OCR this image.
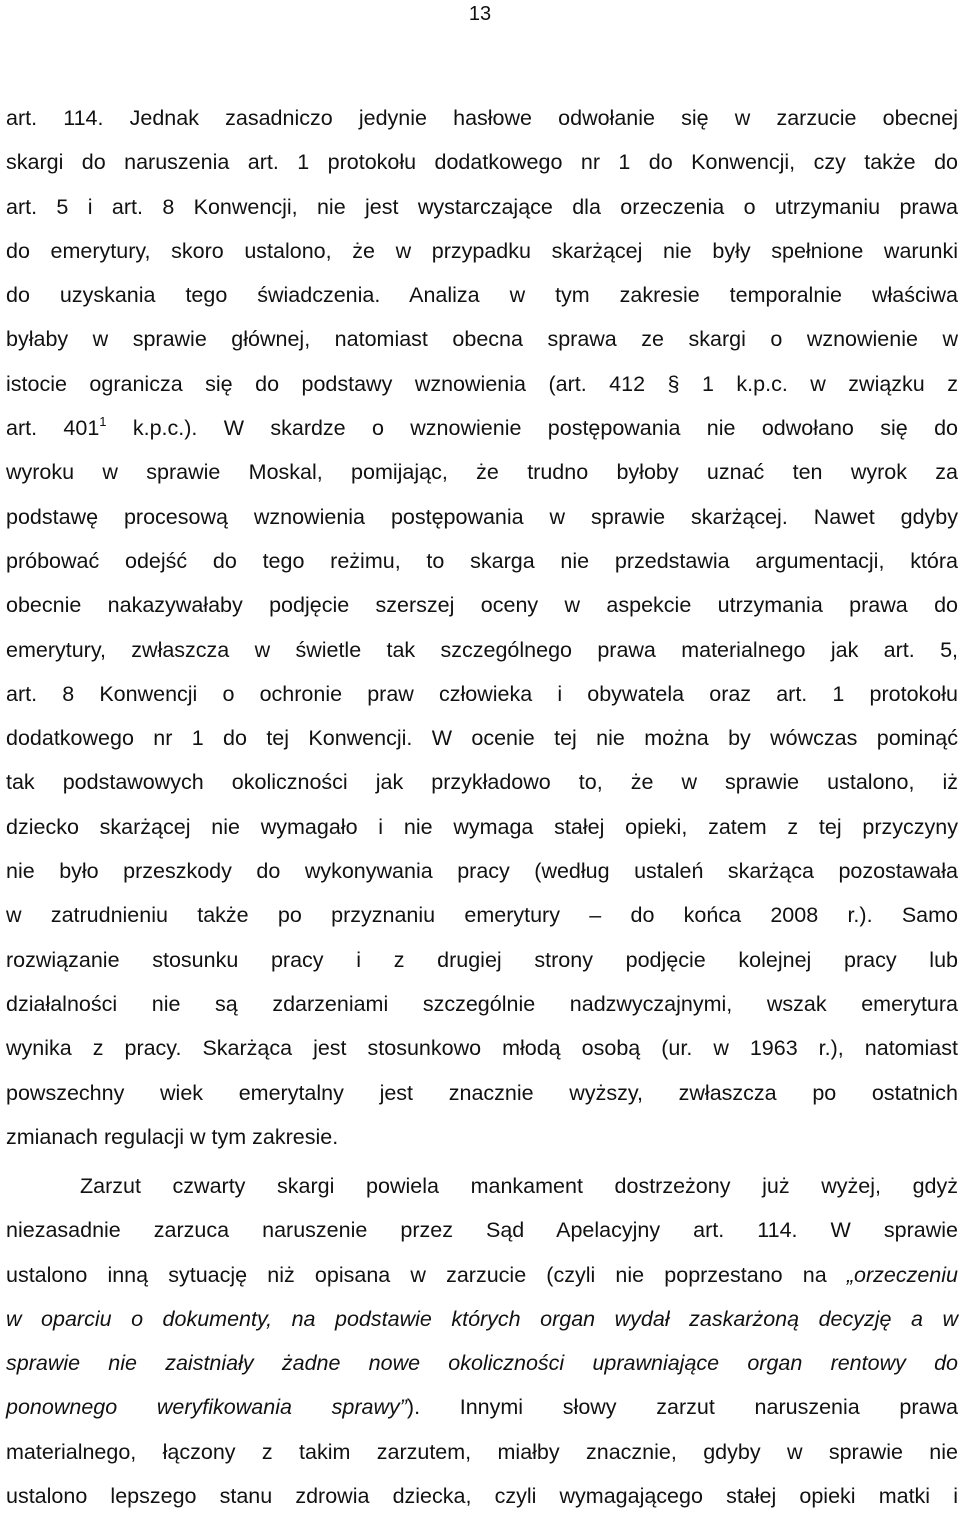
13
art. 114. Jednak zasadniczo jedynie hasłowe odwołanie się w zarzucie obecnej
skargi do naruszenia art. 1 protokołu dodatkowego nr 1 do Konwencji, czy także do
art. 5 i art. 8 Konwencji, nie jest wystarczające dla orzeczenia o utrzymaniu prawa
do emerytury, skoro ustalono, że w przypadku skarżącej nie były spełnione warunki
do uzyskania tego świadczenia. Analiza w tym zakresie temporalnie właściwa
byłaby w sprawie głównej, natomiast obecna sprawa ze skargi o wznowienie w
istocie ogranicza się do podstawy wznowienia (art. 412 § 1 k.p.c. w związku z
art. $401^1$ k.p.c.). W skardze o wznowienie postępowania nie odwołano się do
wyroku w sprawie Moskal, pomijając, że trudno byłoby uznać ten wyrok za
podstawę procesową wznowienia postępowania w sprawie skarżącej. Nawet gdyby
próbować odejść do tego reżimu, to skarga nie przedstawia argumentacji, która
obecnie nakazywałaby podjęcie szerszej oceny w aspekcie utrzymania prawa do
emerytury, zwłaszcza w świetle tak szczególnego prawa materialnego jak art. 5,
art. 8 Konwencji o ochronie praw człowieka i obywatela oraz art. 1 protokołu
dodatkowego nr 1 do tej Konwencji. W ocenie tej nie można by wówczas pominąć
tak podstawowych okoliczności jak przykładowo to, że w sprawie ustalono, iż
dziecko skarżącej nie wymagało i nie wymaga stałej opieki, zatem z tej przyczyny
nie było przeszkody do wykonywania pracy (według ustaleń skarżąca pozostawała
w zatrudnieniu także po przyznaniu emerytury – do końca 2008 r.). Samo
rozwiązanie stosunku pracy i z drugiej strony podjęcie kolejnej pracy lub
działalności nie są zdarzeniami szczególnie nadzwyczajnymi, wszak emerytura
wynika z pracy. Skarżąca jest stosunkowo młodą osobą (ur. w 1963 r.), natomiast
powszechny wiek emerytalny jest znacznie wyższy, zwłaszcza po ostatnich
zmianach regulacji w tym zakresie.
Zarzut czwarty skargi powiela mankament dostrzeżony już wyżej, gdyż
niezasadnie zarzuca naruszenie przez Sąd Apelacyjny art. 114. W sprawie
ustalono inną sytuację niż opisana w zarzucie (czyli nie poprzestano na „orzeczeniu
w oparciu o dokumenty, na podstawie których organ wydał zaskarżoną decyzję a w
sprawie nie zaistniały żadne nowe okoliczności uprawniające organ rentowy do
ponownego weryfikowania sprawy”). Innymi słowy zarzut naruszenia prawa
materialnego, łączony z takim zarzutem, miałby znacznie, gdyby w sprawie nie
ustalono lepszego stanu zdrowia dziecka, czyli wymagającego stałej opieki matki i
